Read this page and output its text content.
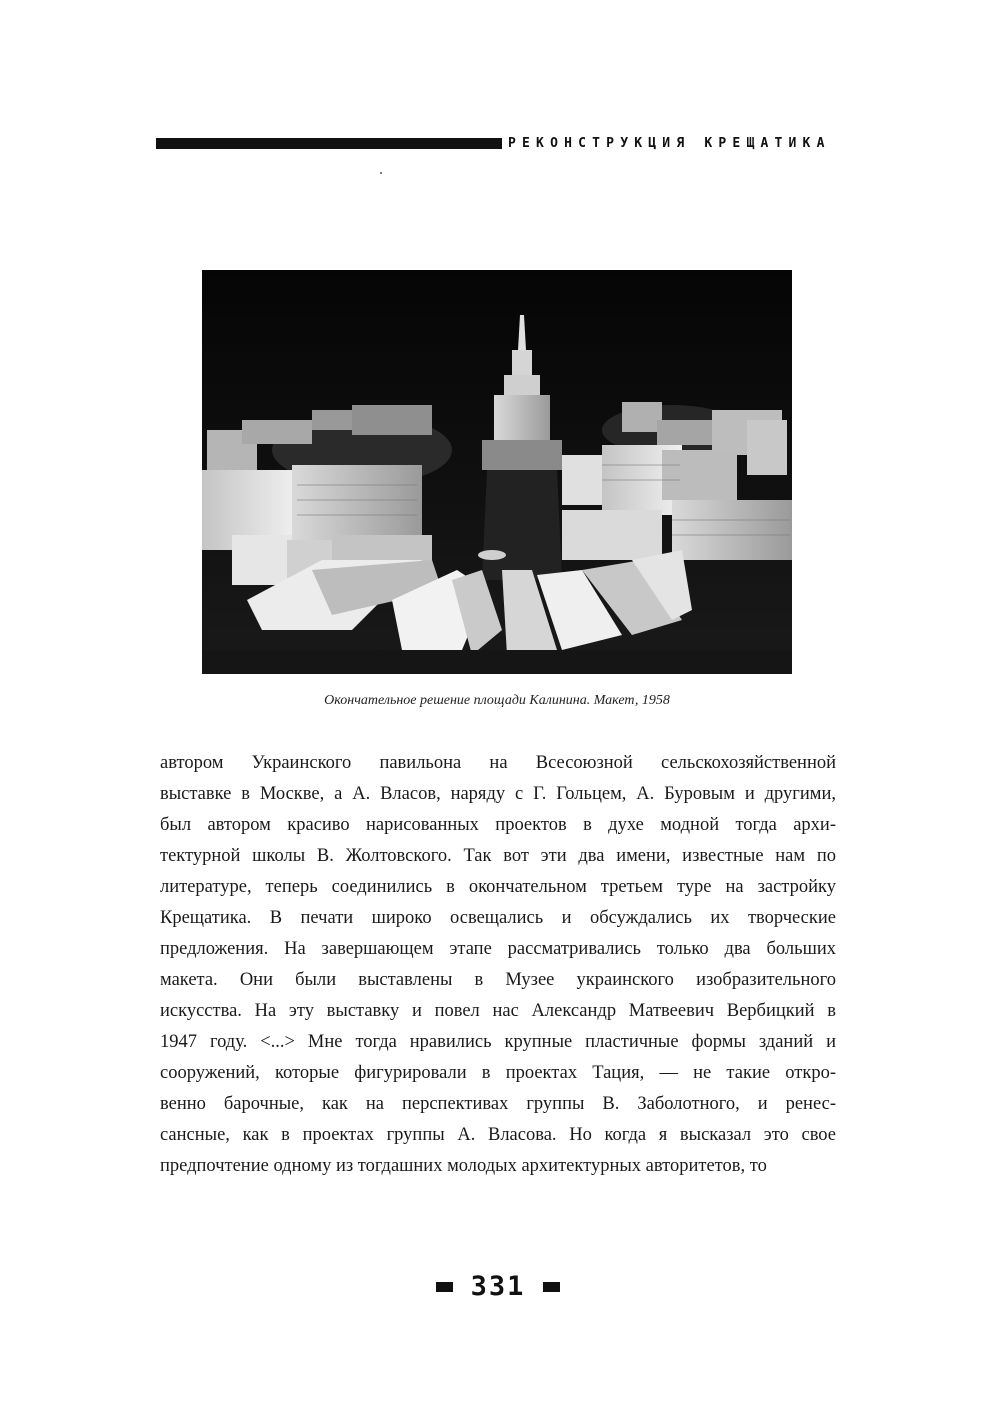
РЕКОНСТРУКЦИЯ КРЕЩАТИКА
Окончательное решение площади Калинина. Макет, 1958
автором Украинского павильона на Всесоюзной сельскохозяйственной
выставке в Москве, а А. Власов, наряду с Г. Гольцем, А. Буровым и другими,
был автором красиво нарисованных проектов в духе модной тогда архи-
тектурной школы В. Жолтовского. Так вот эти два имени, известные нам по
литературе, теперь соединились в окончательном третьем туре на застройку
Крещатика. В печати широко освещались и обсуждались их творческие
предложения. На завершающем этапе рассматривались только два больших
макета. Они были выставлены в Музее украинского изобразительного
искусства. На эту выставку и повел нас Александр Матвеевич Вербицкий в
1947 году. <...> Мне тогда нравились крупные пластичные формы зданий и
сооружений, которые фигурировали в проектах Тация, — не такие откро-
венно барочные, как на перспективах группы В. Заболотного, и ренес-
сансные, как в проектах группы А. Власова. Но когда я высказал это свое
предпочтение одному из тогдашних молодых архитектурных авторитетов, то
331
